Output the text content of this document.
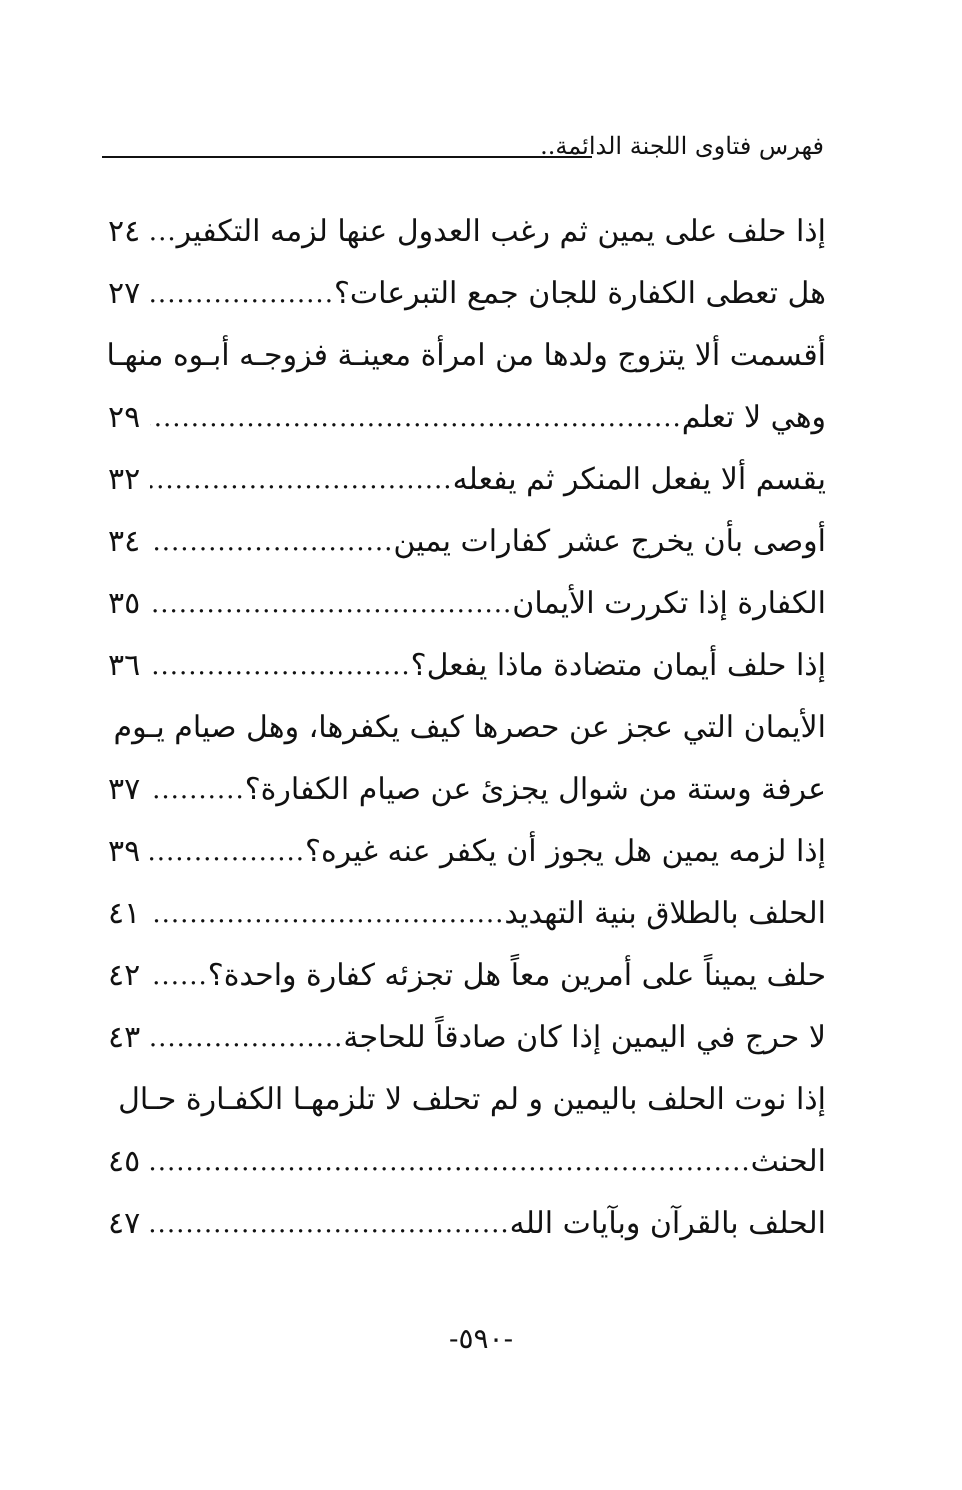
فهرس فتاوى اللجنة الدائمة..
إذا حلف على يمين ثم رغب العدول عنها لزمه التكفير
.....
٢٤
هل تعطى الكفارة للجان جمع التبرعات؟
.....
٢٧
أقسمت ألا يتزوج ولدها من امرأة معينـة فزوجـه أبـوه منهـا
وهي لا تعلم
.....
٢٩
يقسم ألا يفعل المنكر ثم يفعله
.....
٣٢
أوصى بأن يخرج عشر كفارات يمين
.....
٣٤
الكفارة إذا تكررت الأيمان
.....
٣٥
إذا حلف أيمان متضادة ماذا يفعل؟
.....
٣٦
الأيمان التي عجز عن حصرها كيف يكفرها، وهل صيام يـوم
عرفة وستة من شوال يجزئ عن صيام الكفارة؟
.....
٣٧
إذا لزمه يمين هل يجوز أن يكفر عنه غيره؟
.....
٣٩
الحلف بالطلاق بنية التهديد
.....
٤١
حلف يميناً على أمرين معاً هل تجزئه كفارة واحدة؟
.....
٤٢
لا حرج في اليمين إذا كان صادقاً للحاجة
.....
٤٣
إذا نوت الحلف باليمين و لم تحلف لا تلزمهـا الكفـارة حـال
الحنث
.....
٤٥
الحلف بالقرآن وبآيات الله
.....
٤٧
-٥٩٠-
